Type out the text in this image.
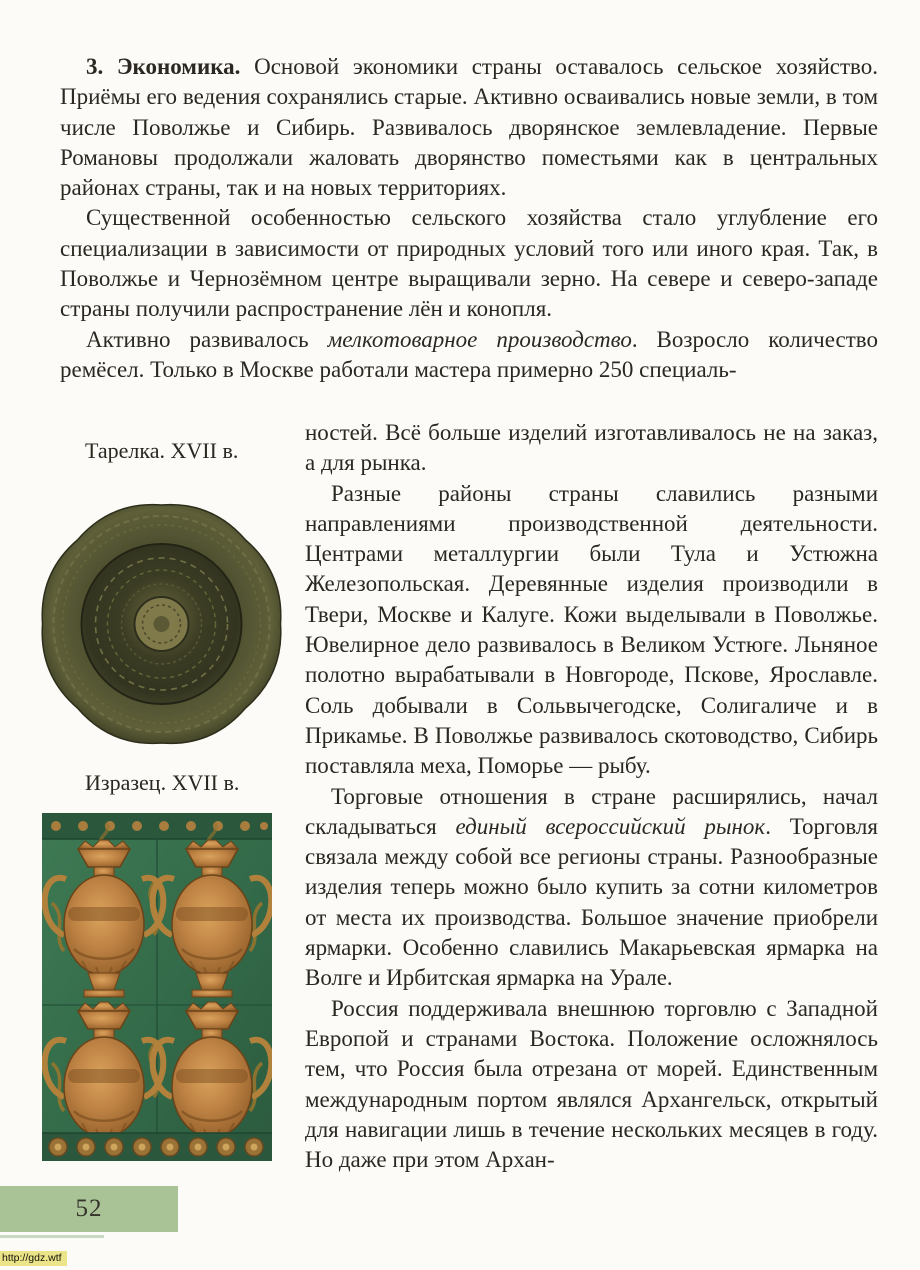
3. Экономика. Основой экономики страны оставалось сельское хозяйство. Приёмы его ведения сохранялись старые. Активно осваивались новые земли, в том числе Поволжье и Сибирь. Развивалось дворянское землевладение. Первые Романовы продолжали жаловать дворянство поместьями как в центральных районах страны, так и на новых территориях.

Существенной особенностью сельского хозяйства стало углубление его специализации в зависимости от природных условий того или иного края. Так, в Поволжье и Чернозёмном центре выращивали зерно. На севере и северо-западе страны получили распространение лён и конопля.

Активно развивалось мелкотоварное производство. Возросло количество ремёсел. Только в Москве работали мастера примерно 250 специаль-

Тарелка. XVII в.
Изразец. XVII в.

ностей. Всё больше изделий изготавливалось не на заказ, а для рынка.

Разные районы страны славились разными направлениями производственной деятельности. Центрами металлургии были Тула и Устюжна Железопольская. Деревянные изделия производили в Твери, Москве и Калуге. Кожи выделывали в Поволжье. Ювелирное дело развивалось в Великом Устюге. Льняное полотно вырабатывали в Новгороде, Пскове, Ярославле. Соль добывали в Сольвычегодске, Солигаличе и в Прикамье. В Поволжье развивалось скотоводство, Сибирь поставляла меха, Поморье — рыбу.

Торговые отношения в стране расширялись, начал складываться единый всероссийский рынок. Торговля связала между собой все регионы страны. Разнообразные изделия теперь можно было купить за сотни километров от места их производства. Большое значение приобрели ярмарки. Особенно славились Макарьевская ярмарка на Волге и Ирбитская ярмарка на Урале.

Россия поддерживала внешнюю торговлю с Западной Европой и странами Востока. Положение осложнялось тем, что Россия была отрезана от морей. Единственным международным портом являлся Архангельск, открытый для навигации лишь в течение нескольких месяцев в году. Но даже при этом Архан-

52
http://gdz.wtf
